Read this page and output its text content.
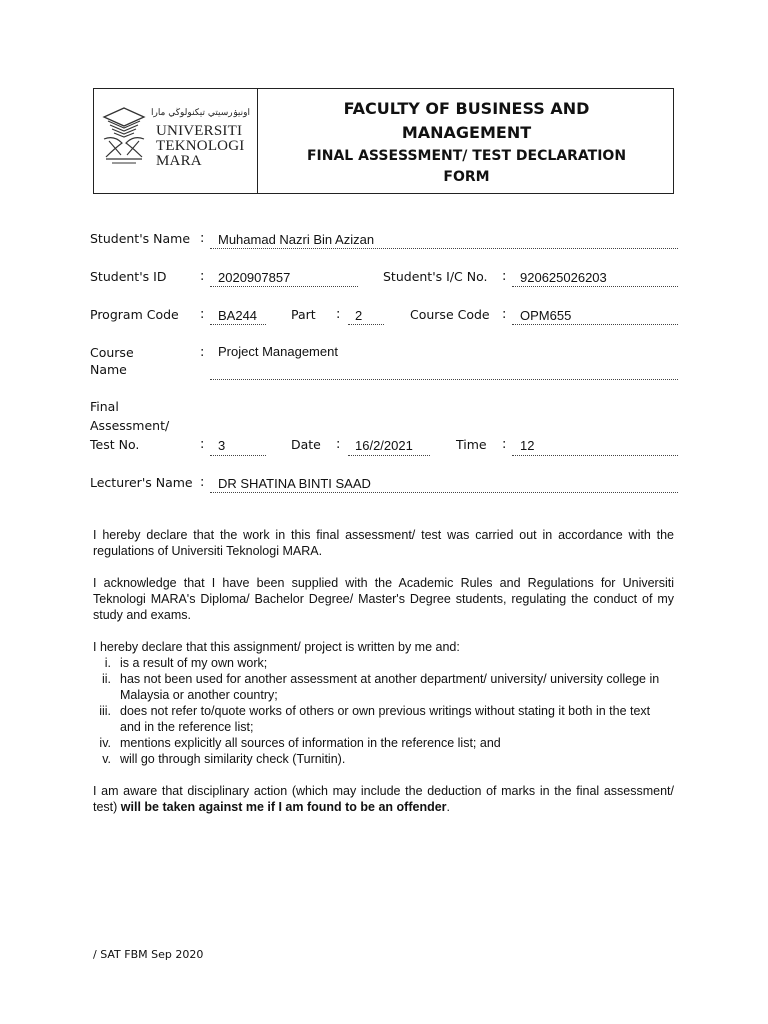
اونيۏرسيتي تيكنولوڬي مارا
UNIVERSITI
TEKNOLOGI
MARA
FACULTY OF BUSINESS AND
MANAGEMENT
FINAL ASSESSMENT/ TEST DECLARATION
FORM
Student's Name : Muhamad Nazri Bin Azizan
Student's ID	: 2020907857	Student's I/C No. : 920625026203
Program Code : BA244	Part : 2	Course Code : OPM655
Course
Name
: Project Management
Final
Assessment/
Test No.	: 3	Date : 16/2/2021	Time : 12
Lecturer's Name : DR SHATINA BINTI SAAD
I hereby declare that the work in this final assessment/ test was carried out in accordance with the regulations of Universiti Teknologi MARA.
I acknowledge that I have been supplied with the Academic Rules and Regulations for Universiti Teknologi MARA's Diploma/ Bachelor Degree/ Master's Degree students, regulating the conduct of my study and exams.
I hereby declare that this assignment/ project is written by me and:
i. is a result of my own work;
ii. has not been used for another assessment at another department/ university/ university college in Malaysia or another country;
iii. does not refer to/quote works of others or own previous writings without stating it both in the text and in the reference list;
iv. mentions explicitly all sources of information in the reference list; and
v. will go through similarity check (Turnitin).
I am aware that disciplinary action (which may include the deduction of marks in the final assessment/ test) will be taken against me if I am found to be an offender.
/ SAT FBM Sep 2020
